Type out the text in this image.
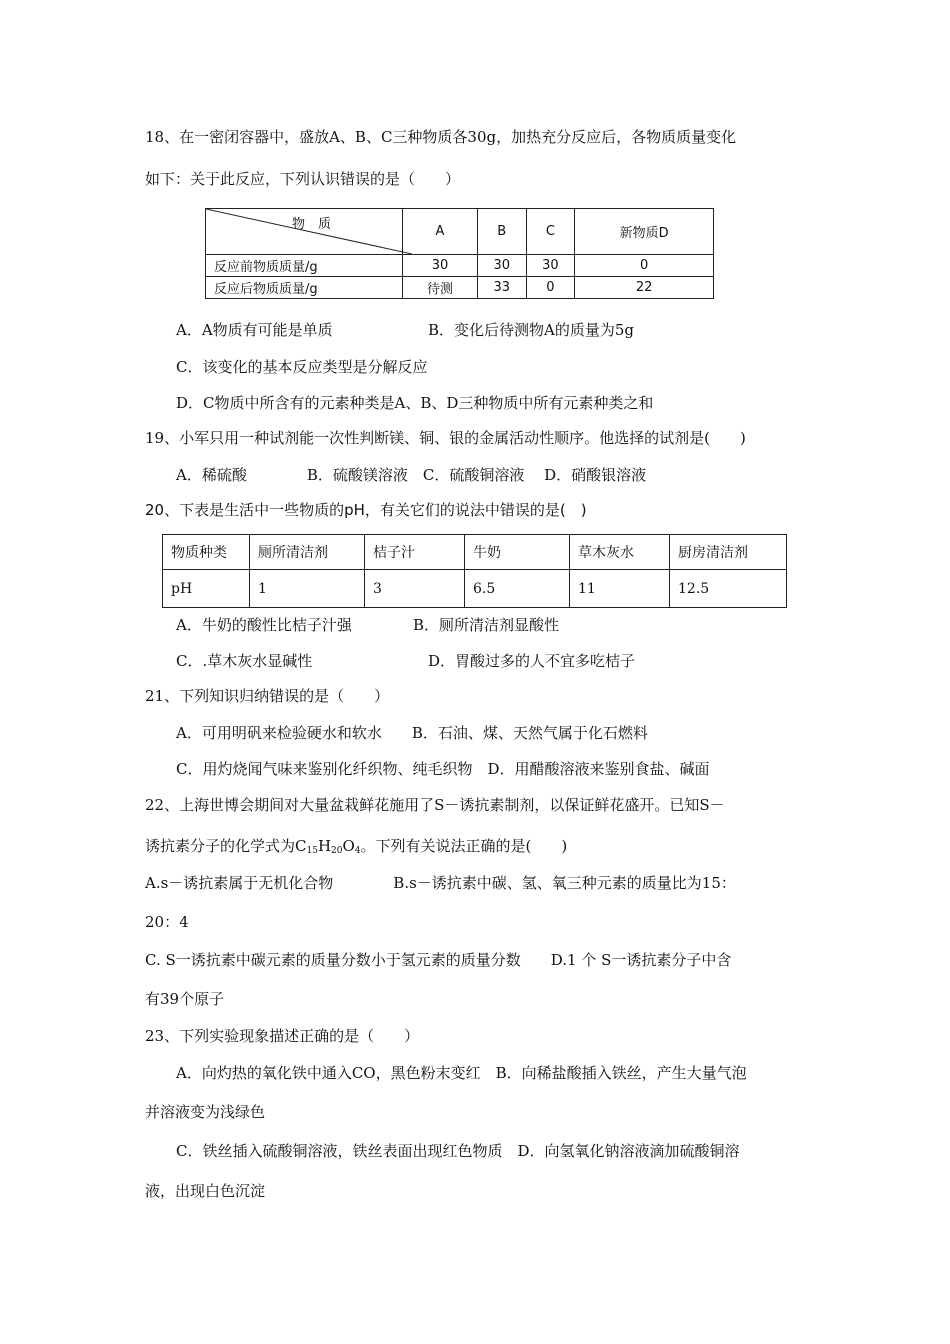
18、在一密闭容器中，盛放A、B、C三种物质各30g，加热充分反应后，各物质质量变化
如下：关于此反应，下列认识错误的是（　　）
物　质	A	B	C	新物质D
反应前物质质量/g	30	30	30	0
反应后物质质量/g	待测	33	0	22
A．A物质有可能是单质	B．变化后待测物A的质量为5g
C．该变化的基本反应类型是分解反应
D．C物质中所含有的元素种类是A、B、D三种物质中所有元素种类之和
19、小军只用一种试剂能一次性判断镁、铜、银的金属活动性顺序。他选择的试剂是(　　)
A．稀硫酸　　　　B．硫酸镁溶液　C．硫酸铜溶液　 D．硝酸银溶液
20、下表是生活中一些物质的pH，有关它们的说法中错误的是(　)
物质种类	厕所清洁剂	桔子汁	牛奶	草木灰水	厨房清洁剂
pH	1	3	6.5	11	12.5
A．牛奶的酸性比桔子汁强	B．厕所清洁剂显酸性
C．.草木灰水显碱性	D．胃酸过多的人不宜多吃桔子
21、下列知识归纳错误的是（　　）
A．可用明矾来检验硬水和软水　　B．石油、煤、天然气属于化石燃料
C．用灼烧闻气味来鉴别化纤织物、纯毛织物　D．用醋酸溶液来鉴别食盐、碱面
22、上海世博会期间对大量盆栽鲜花施用了S－诱抗素制剂，以保证鲜花盛开。已知S－
诱抗素分子的化学式为$C_{15}H_{20}O_4$。下列有关说法正确的是(　　)
A.s－诱抗素属于无机化合物　　　　B.s－诱抗素中碳、氢、氧三种元素的质量比为15：
20：4
C. S一诱抗素中碳元素的质量分数小于氢元素的质量分数　　D.1 个 S一诱抗素分子中含
有39个原子
23、下列实验现象描述正确的是（　　）
A．向灼热的氧化铁中通入CO，黑色粉末变红　B．向稀盐酸插入铁丝，产生大量气泡
并溶液变为浅绿色
C．铁丝插入硫酸铜溶液，铁丝表面出现红色物质　D．向氢氧化钠溶液滴加硫酸铜溶
液，出现白色沉淀
